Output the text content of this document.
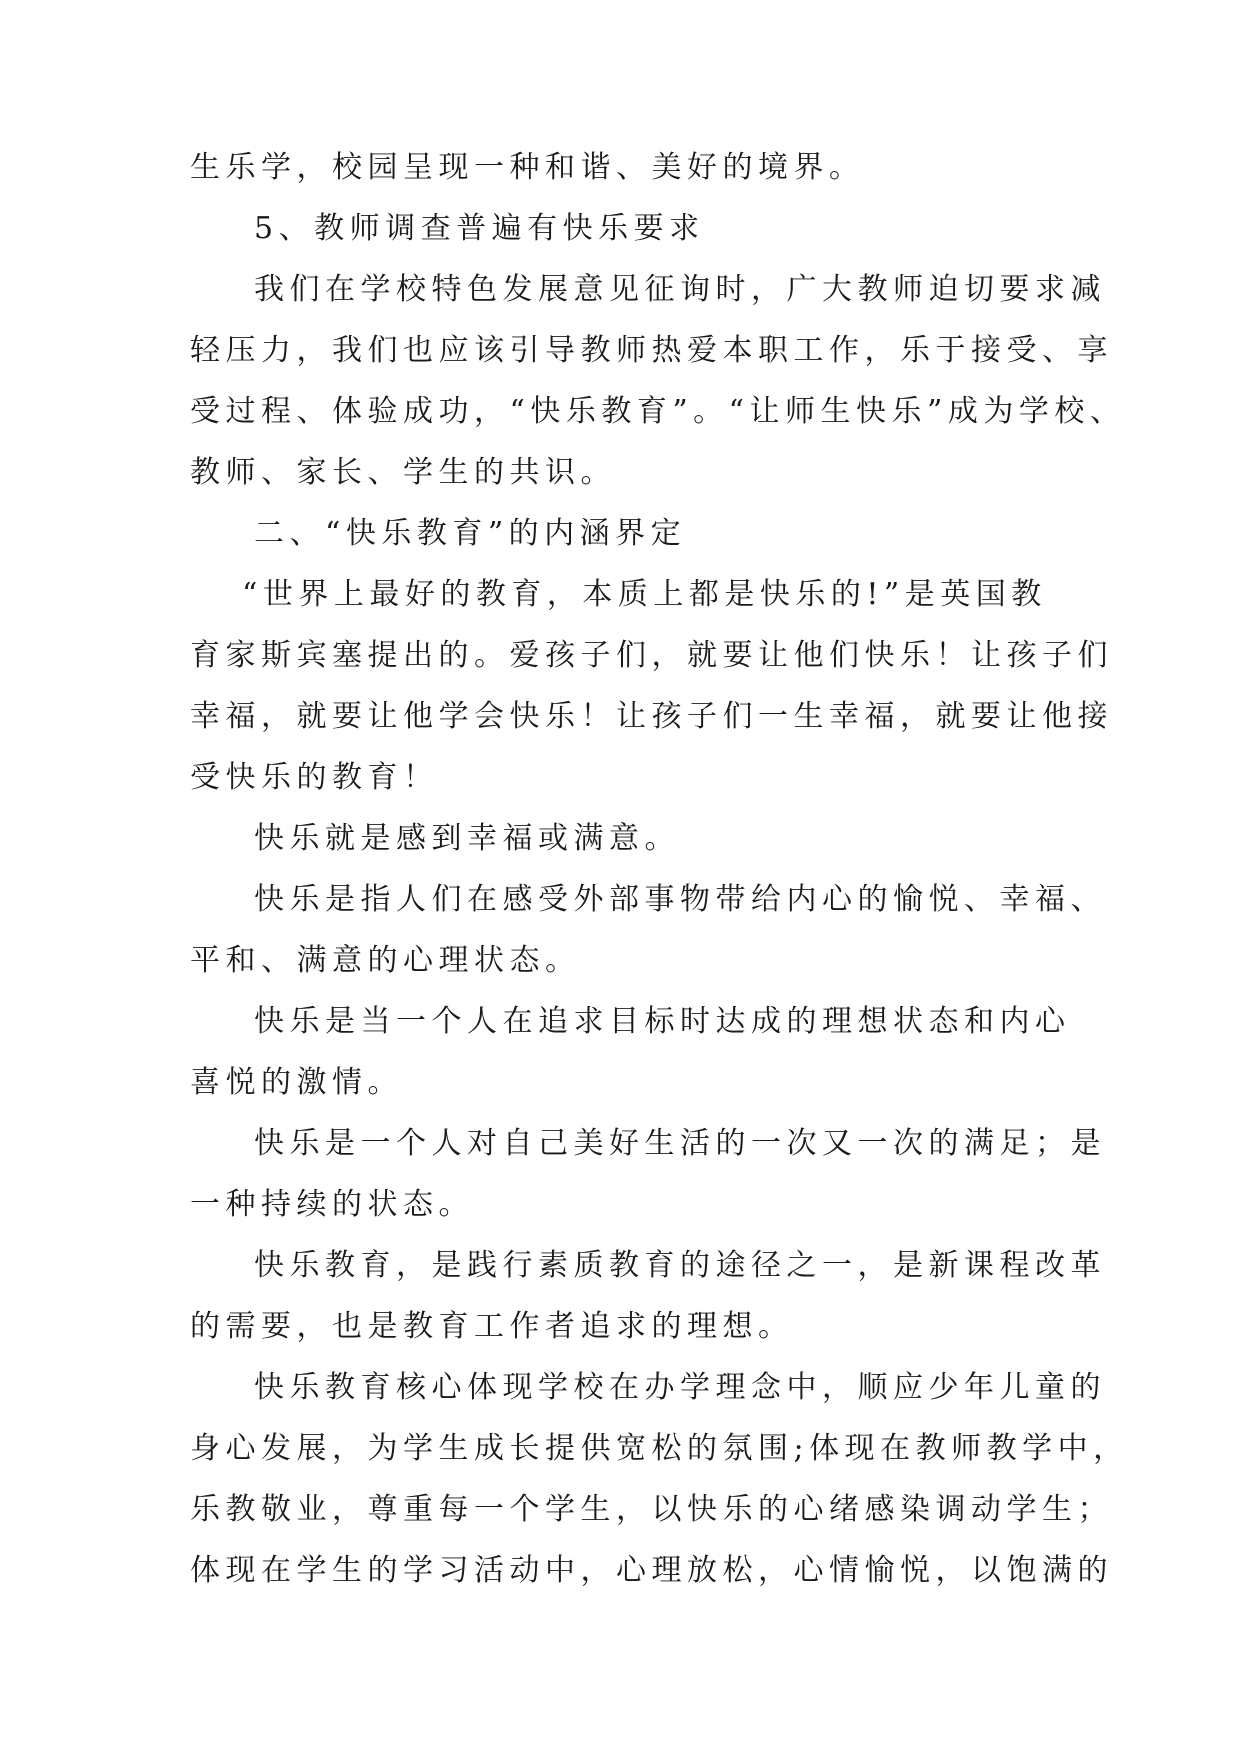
生乐学，校园呈现一种和谐、美好的境界。
5、教师调查普遍有快乐要求
我们在学校特色发展意见征询时，广大教师迫切要求减
轻压力，我们也应该引导教师热爱本职工作，乐于接受、享
受过程、体验成功，“快乐教育”。“让师生快乐”成为学校、
教师、家长、学生的共识。
二、“快乐教育”的内涵界定
“世界上最好的教育，本质上都是快乐的!”是英国教
育家斯宾塞提出的。爱孩子们，就要让他们快乐！让孩子们
幸福，就要让他学会快乐！让孩子们一生幸福，就要让他接
受快乐的教育！
快乐就是感到幸福或满意。
快乐是指人们在感受外部事物带给内心的愉悦、幸福、
平和、满意的心理状态。
快乐是当一个人在追求目标时达成的理想状态和内心
喜悦的激情。
快乐是一个人对自己美好生活的一次又一次的满足；是
一种持续的状态。
快乐教育，是践行素质教育的途径之一，是新课程改革
的需要，也是教育工作者追求的理想。
快乐教育核心体现学校在办学理念中，顺应少年儿童的
身心发展，为学生成长提供宽松的氛围;体现在教师教学中，
乐教敬业，尊重每一个学生，以快乐的心绪感染调动学生；
体现在学生的学习活动中，心理放松，心情愉悦，以饱满的
